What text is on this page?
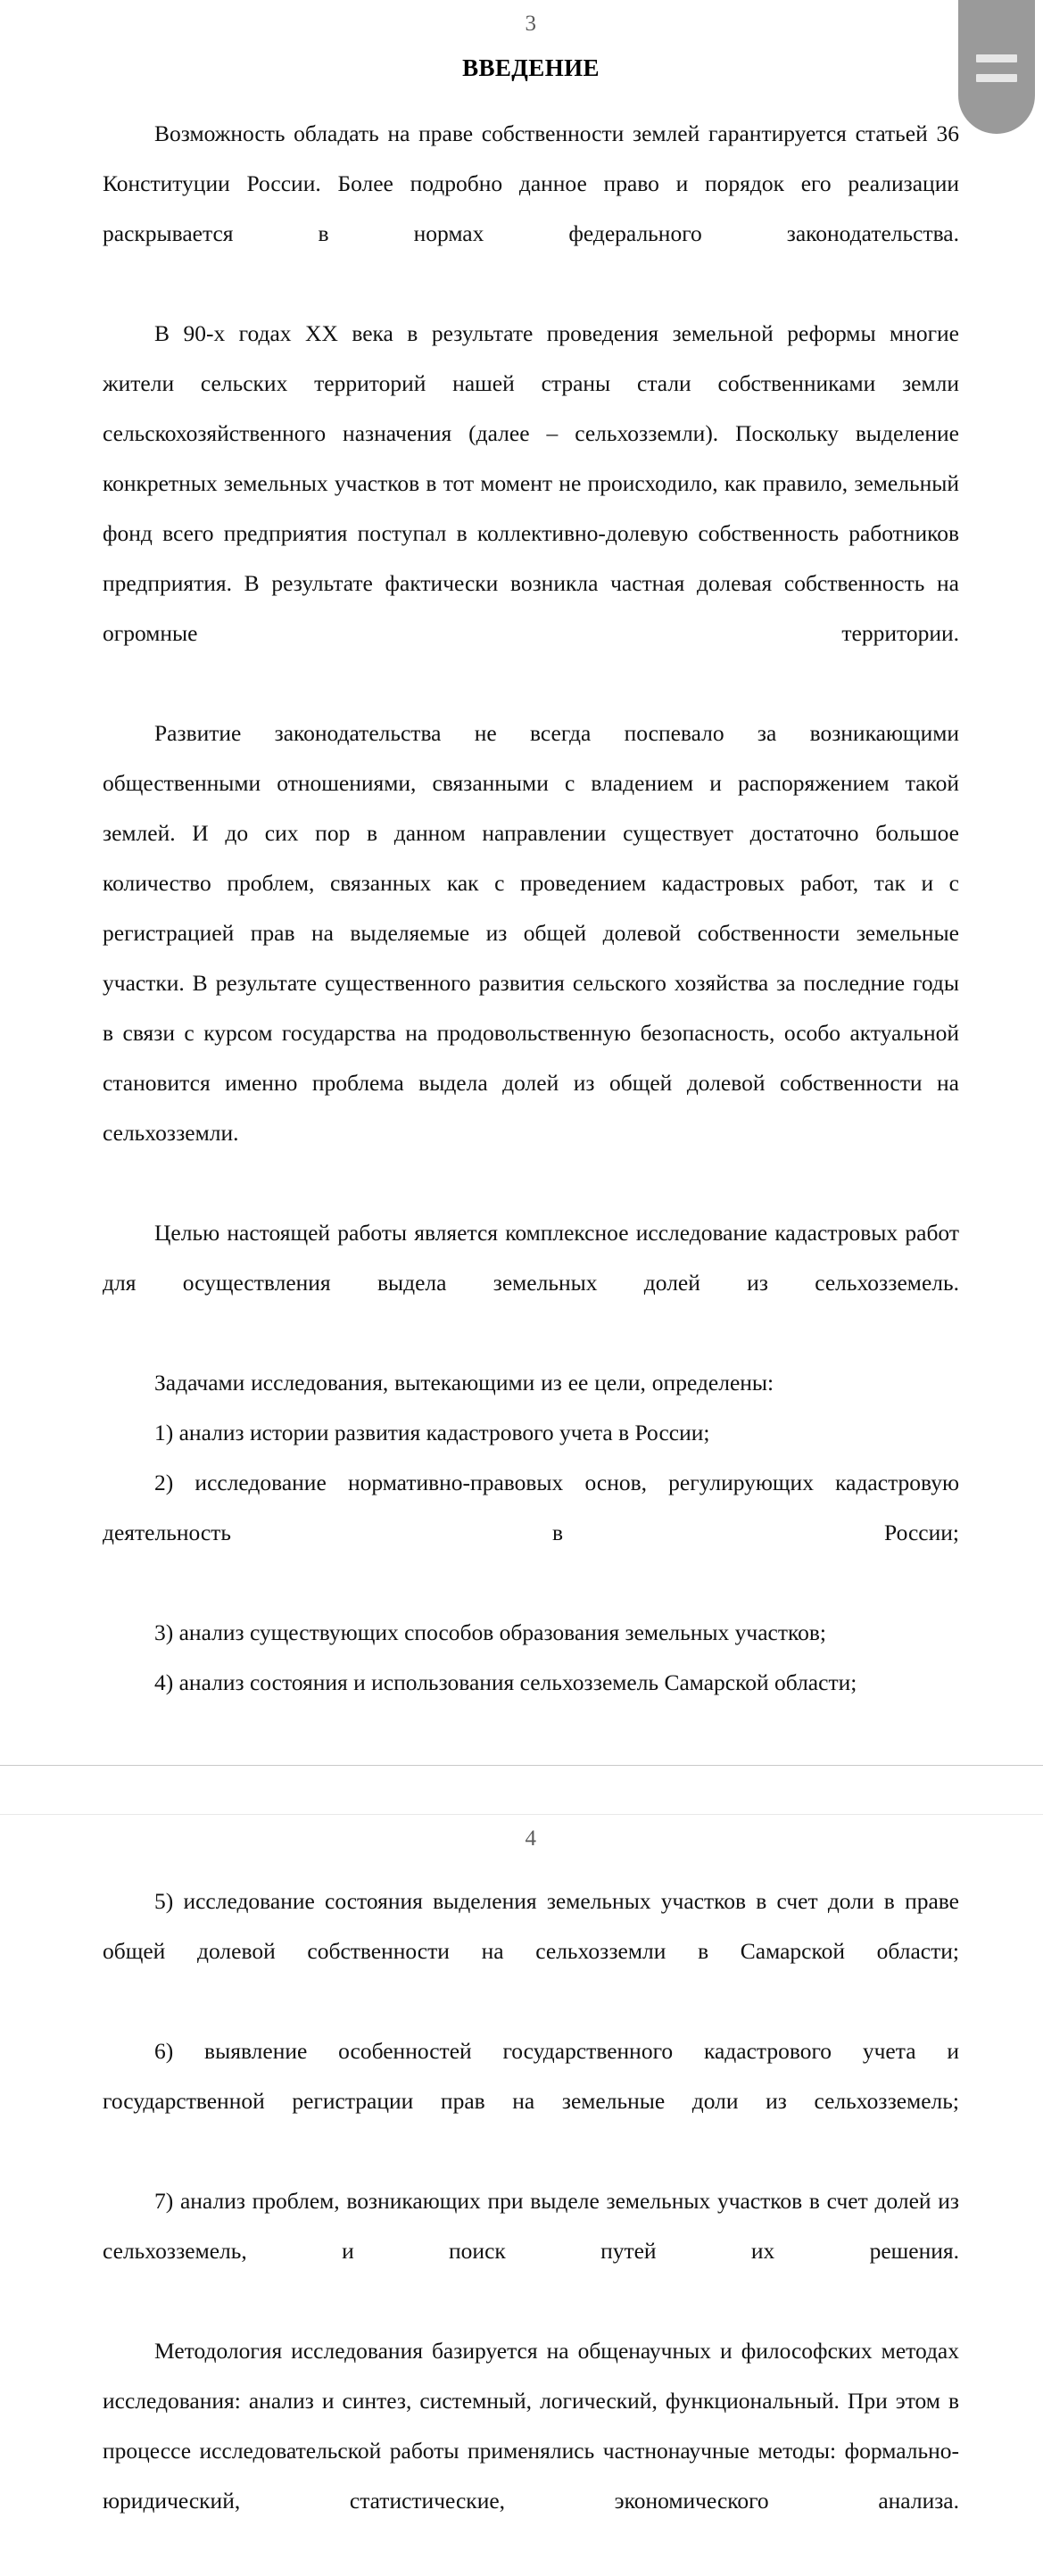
3
ВВЕДЕНИЕ

Возможность обладать на праве собственности землей гарантируется статьей 36 Конституции России. Более подробно данное право и порядок его реализации раскрывается в нормах федерального законодательства.

В 90-х годах XX века в результате проведения земельной реформы многие жители сельских территорий нашей страны стали собственниками земли сельскохозяйственного назначения (далее – сельхозземли). Поскольку выделение конкретных земельных участков в тот момент не происходило, как правило, земельный фонд всего предприятия поступал в коллективно-долевую собственность работников предприятия. В результате фактически возникла частная долевая собственность на огромные территории.

Развитие законодательства не всегда поспевало за возникающими общественными отношениями, связанными с владением и распоряжением такой землей. И до сих пор в данном направлении существует достаточно большое количество проблем, связанных как с проведением кадастровых работ, так и с регистрацией прав на выделяемые из общей долевой собственности земельные участки. В результате существенного развития сельского хозяйства за последние годы в связи с курсом государства на продовольственную безопасность, особо актуальной становится именно проблема выдела долей из общей долевой собственности на сельхозземли.

Целью настоящей работы является комплексное исследование кадастровых работ для осуществления выдела земельных долей из сельхозземель.

Задачами исследования, вытекающими из ее цели, определены:

1) анализ истории развития кадастрового учета в России;

2) исследование нормативно-правовых основ, регулирующих кадастровую деятельность в России;

3) анализ существующих способов образования земельных участков;

4) анализ состояния и использования сельхозземель Самарской области;

4

5) исследование состояния выделения земельных участков в счет доли в праве общей долевой собственности на сельхозземли в Самарской области;

6) выявление особенностей государственного кадастрового учета и государственной регистрации прав на земельные доли из сельхозземель;

7) анализ проблем, возникающих при выделе земельных участков в счет долей из сельхозземель, и поиск путей их решения.

Методология исследования базируется на общенаучных и философских методах исследования: анализ и синтез, системный, логический, функциональный. При этом в процессе исследовательской работы применялись частнонаучные методы: формально-юридический, статистические, экономического анализа.
